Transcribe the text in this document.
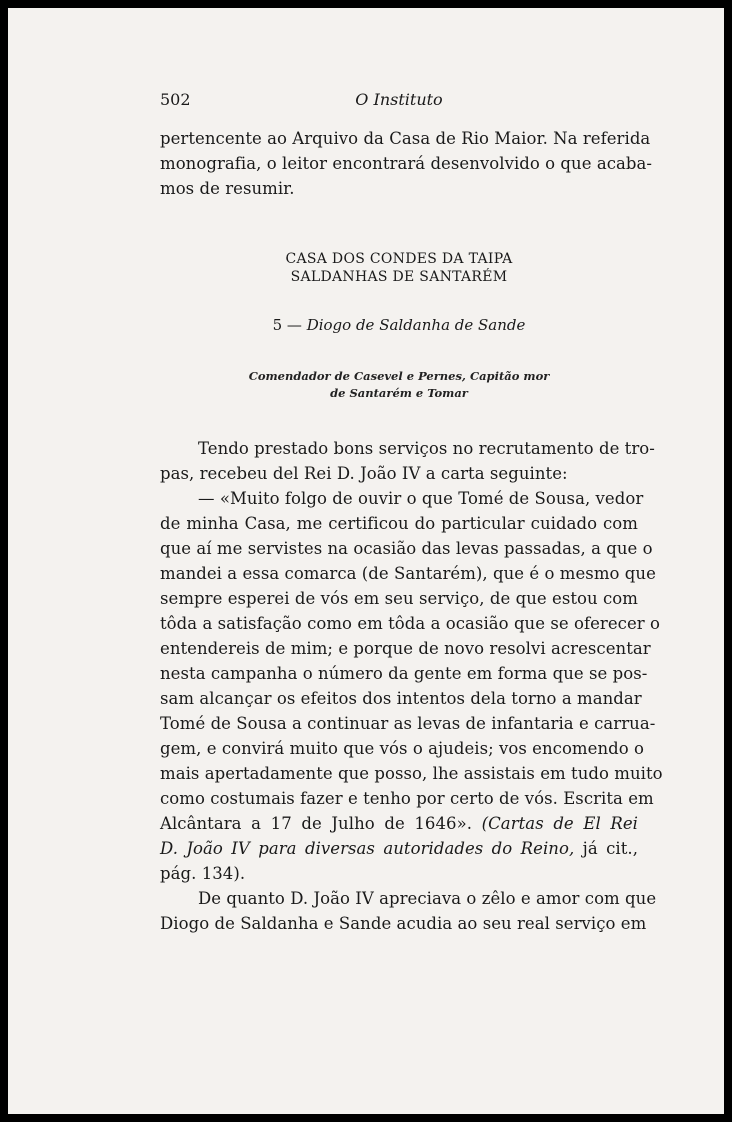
502	O Instituto
pertencente ao Arquivo da Casa de Rio Maior. Na referida
monografia, o leitor encontrará desenvolvido o que acaba-
mos de resumir.
CASA DOS CONDES DA TAIPA
SALDANHAS DE SANTARÉM
5 — Diogo de Saldanha de Sande
Comendador de Casevel e Pernes, Capitão mor
de Santarém e Tomar
Tendo prestado bons serviços no recrutamento de tro-
pas, recebeu del Rei D. João IV a carta seguinte:
— «Muito folgo de ouvir o que Tomé de Sousa, vedor
de minha Casa, me certificou do particular cuidado com
que aí me servistes na ocasião das levas passadas, a que o
mandei a essa comarca (de Santarém), que é o mesmo que
sempre esperei de vós em seu serviço, de que estou com
tôda a satisfação como em tôda a ocasião que se oferecer o
entendereis de mim; e porque de novo resolvi acrescentar
nesta campanha o número da gente em forma que se pos-
sam alcançar os efeitos dos intentos dela torno a mandar
Tomé de Sousa a continuar as levas de infantaria e carrua-
gem, e convirá muito que vós o ajudeis; vos encomendo o
mais apertadamente que posso, lhe assistais em tudo muito
como costumais fazer e tenho por certo de vós. Escrita em
Alcântara a 17 de Julho de 1646». (Cartas de El Rei
D. João IV para diversas autoridades do Reino, já cit.,
pág. 134).
De quanto D. João IV apreciava o zêlo e amor com que
Diogo de Saldanha e Sande acudia ao seu real serviço em
